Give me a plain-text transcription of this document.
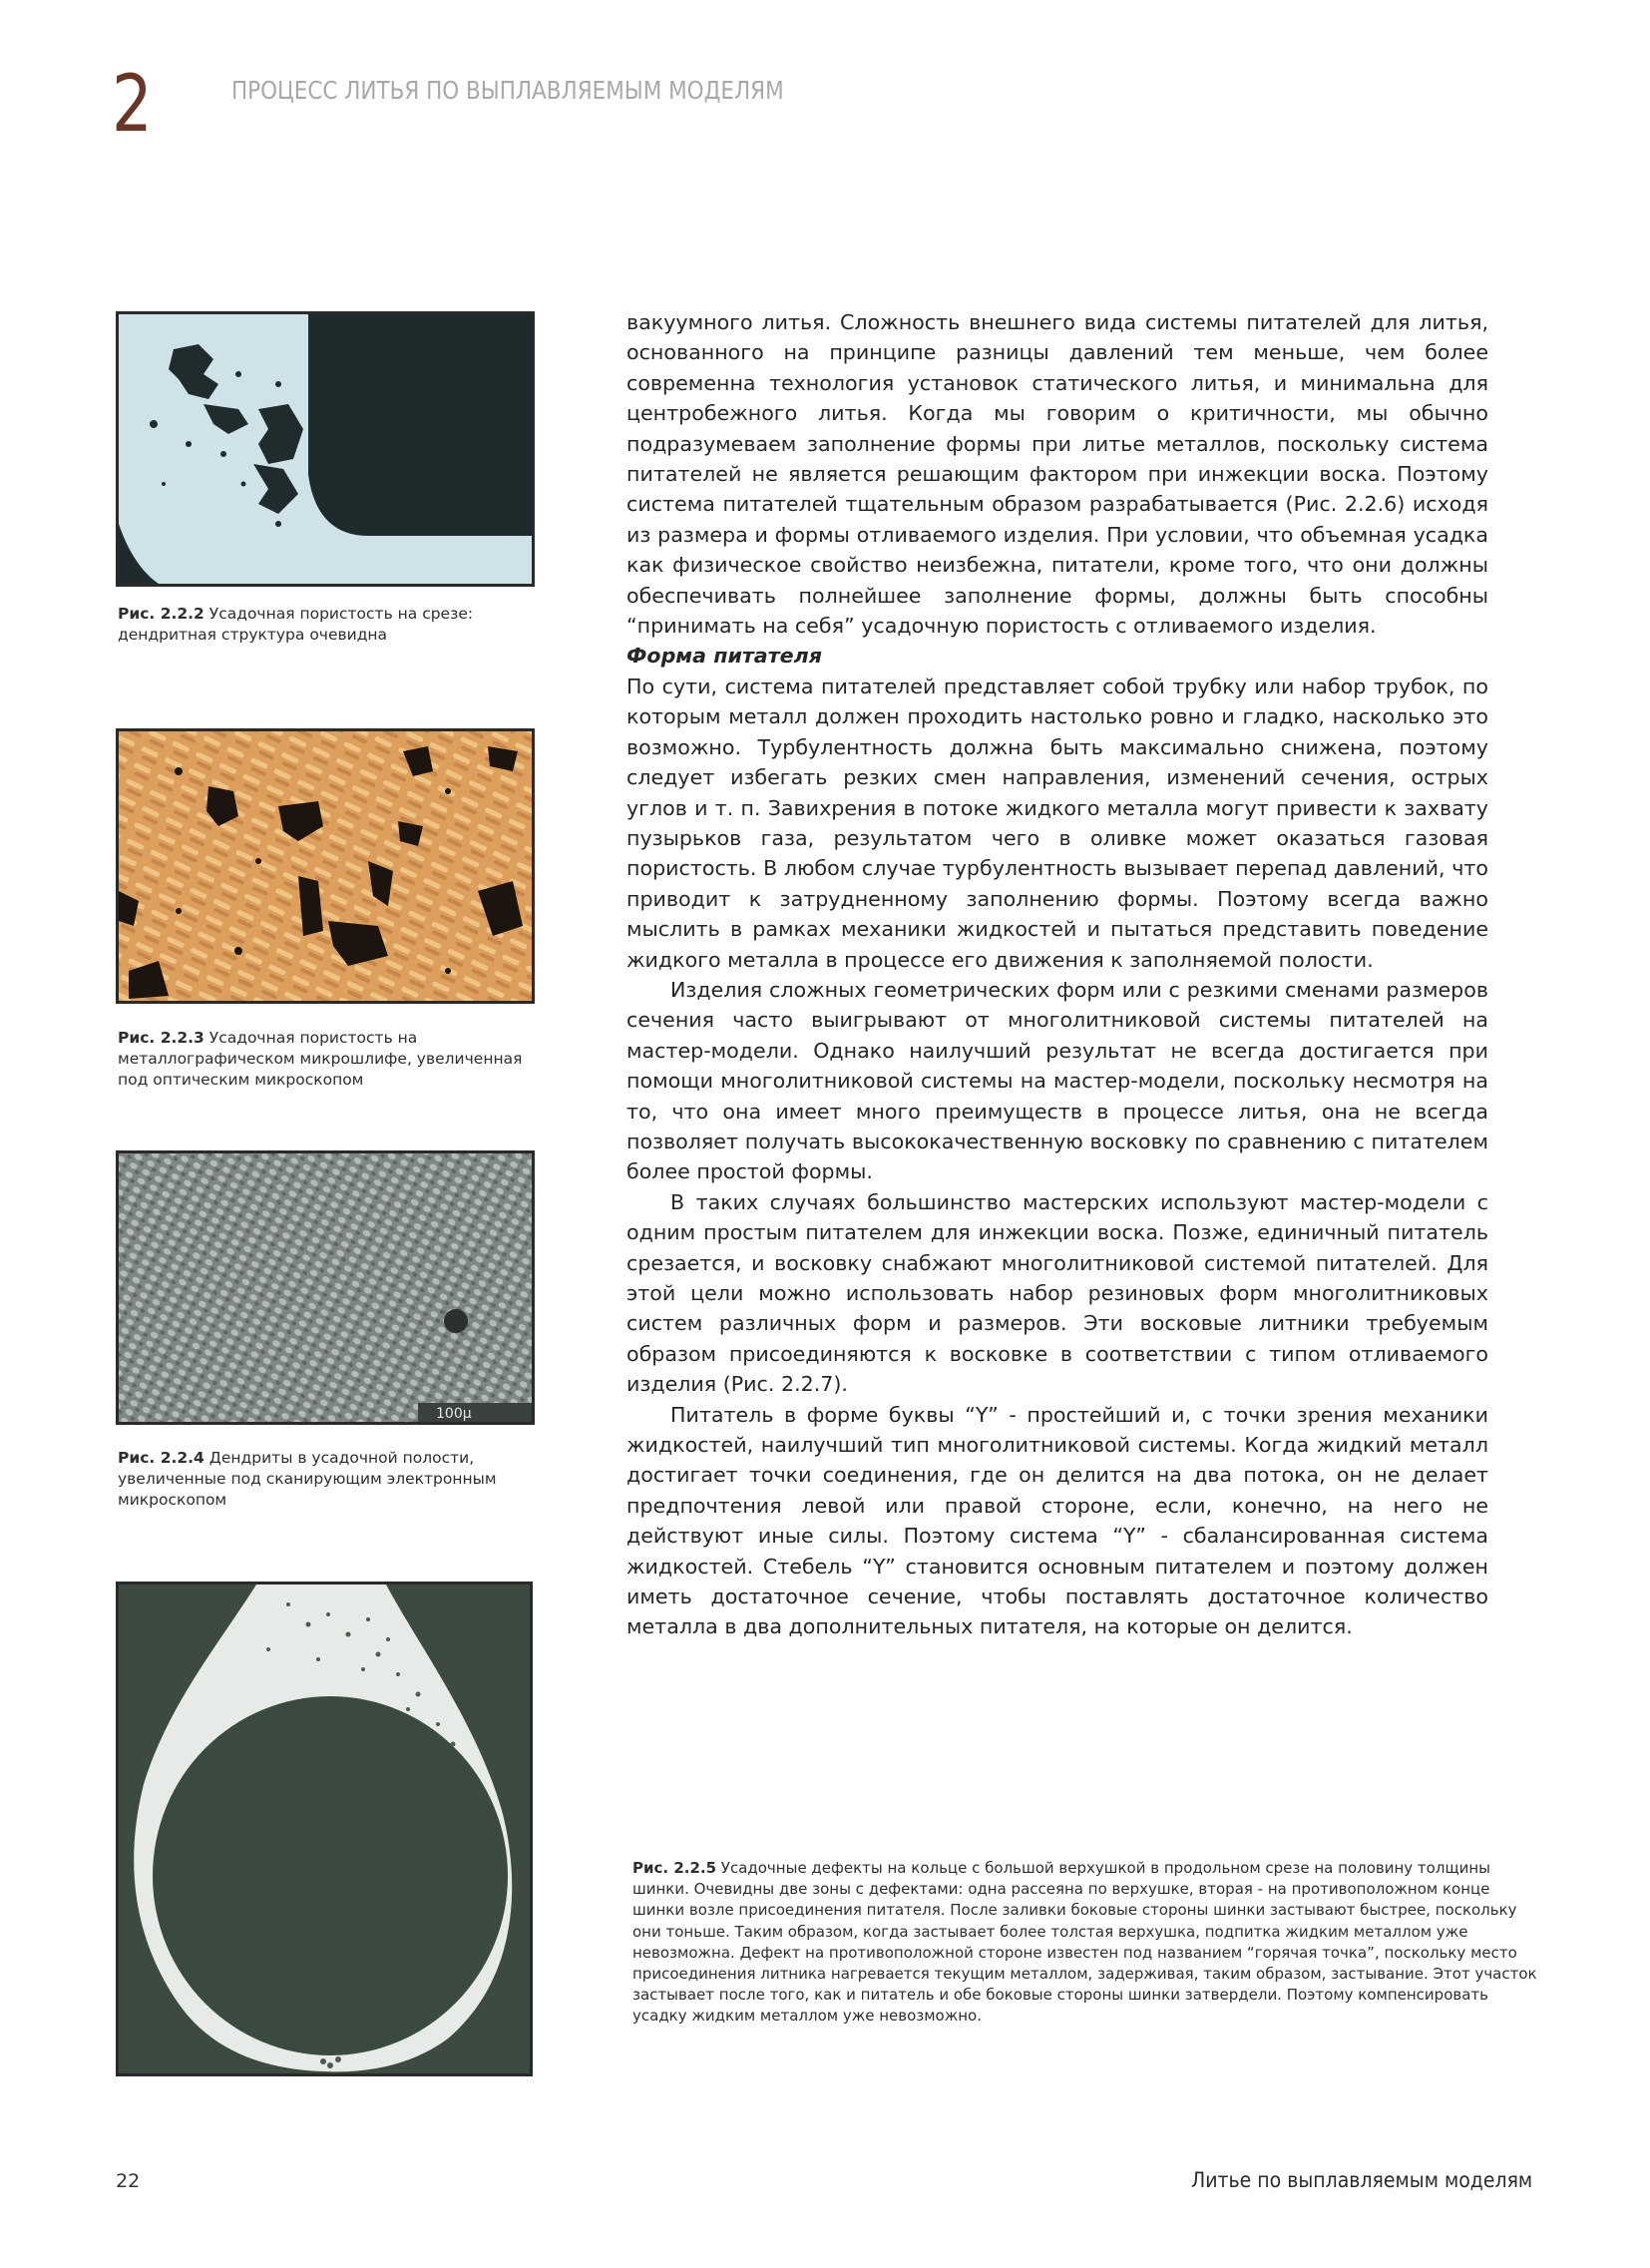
2	ПРОЦЕСС ЛИТЬЯ ПО ВЫПЛАВЛЯЕМЫМ МОДЕЛЯМ
Рис. 2.2.2 Усадочная пористость на срезе: дендритная структура очевидна
Рис. 2.2.3 Усадочная пористость на металлографическом микрошлифе, увеличенная под оптическим микроскопом
100μ
Рис. 2.2.4 Дендриты в усадочной полости, увеличенные под сканирующим электронным микроскопом
Рис. 2.2.5 Усадочные дефекты на кольце с большой верхушкой в продольном срезе на половину толщины шинки. Очевидны две зоны с дефектами: одна рассеяна по верхушке, вторая - на противоположном конце шинки возле присоединения питателя. После заливки боковые стороны шинки застывают быстрее, поскольку они тоньше. Таким образом, когда застывает более толстая верхушка, подпитка жидким металлом уже невозможна. Дефект на противоположной стороне известен под названием “горячая точка”, поскольку место присоединения литника нагревается текущим металлом, задерживая, таким образом, застывание. Этот участок застывает после того, как и питатель и обе боковые стороны шинки затвердели. Поэтому компенсировать усадку жидким металлом уже невозможно.

вакуумного литья. Сложность внешнего вида системы питателей для литья, основанного на принципе разницы давлений тем меньше, чем более современна технология установок статического литья, и минимальна для центробежного литья. Когда мы говорим о критичности, мы обычно подразумеваем заполнение формы при литье металлов, поскольку система питателей не является решающим фактором при инжекции воска. Поэтому система питателей тщательным образом разрабатывается (Рис. 2.2.6) исходя из размера и формы отливаемого изделия. При условии, что объемная усадка как физическое свойство неизбежна, питатели, кроме того, что они должны обеспечивать полнейшее заполнение формы, должны быть способны “принимать на себя” усадочную пористость с отливаемого изделия.

Форма питателя

По сути, система питателей представляет собой трубку или набор трубок, по которым металл должен проходить настолько ровно и гладко, насколько это возможно. Турбулентность должна быть максимально снижена, поэтому следует избегать резких смен направления, изменений сечения, острых углов и т. п. Завихрения в потоке жидкого металла могут привести к захвату пузырьков газа, результатом чего в оливке может оказаться газовая пористость. В любом случае турбулентность вызывает перепад давлений, что приводит к затрудненному заполнению формы. Поэтому всегда важно мыслить в рамках механики жидкостей и пытаться представить поведение жидкого металла в процессе его движения к заполняемой полости.

Изделия сложных геометрических форм или с резкими сменами размеров сечения часто выигрывают от многолитниковой системы питателей на мастер-модели. Однако наилучший результат не всегда достигается при помощи многолитниковой системы на мастер-модели, поскольку несмотря на то, что она имеет много преимуществ в процессе литья, она не всегда позволяет получать высококачественную восковку по сравнению с питателем более простой формы.

В таких случаях большинство мастерских используют мастер-модели с одним простым питателем для инжекции воска. Позже, единичный питатель срезается, и восковку снабжают многолитниковой системой питателей. Для этой цели можно использовать набор резиновых форм многолитниковых систем различных форм и размеров. Эти восковые литники требуемым образом присоединяются к восковке в соответствии с типом отливаемого изделия (Рис. 2.2.7).

Питатель в форме буквы “Y” - простейший и, с точки зрения механики жидкостей, наилучший тип многолитниковой системы. Когда жидкий металл достигает точки соединения, где он делится на два потока, он не делает предпочтения левой или правой стороне, если, конечно, на него не действуют иные силы. Поэтому система “Y” - сбалансированная система жидкостей. Стебель “Y” становится основным питателем и поэтому должен иметь достаточное сечение, чтобы поставлять достаточное количество металла в два дополнительных питателя, на которые он делится.

22	Литье по выплавляемым моделям
